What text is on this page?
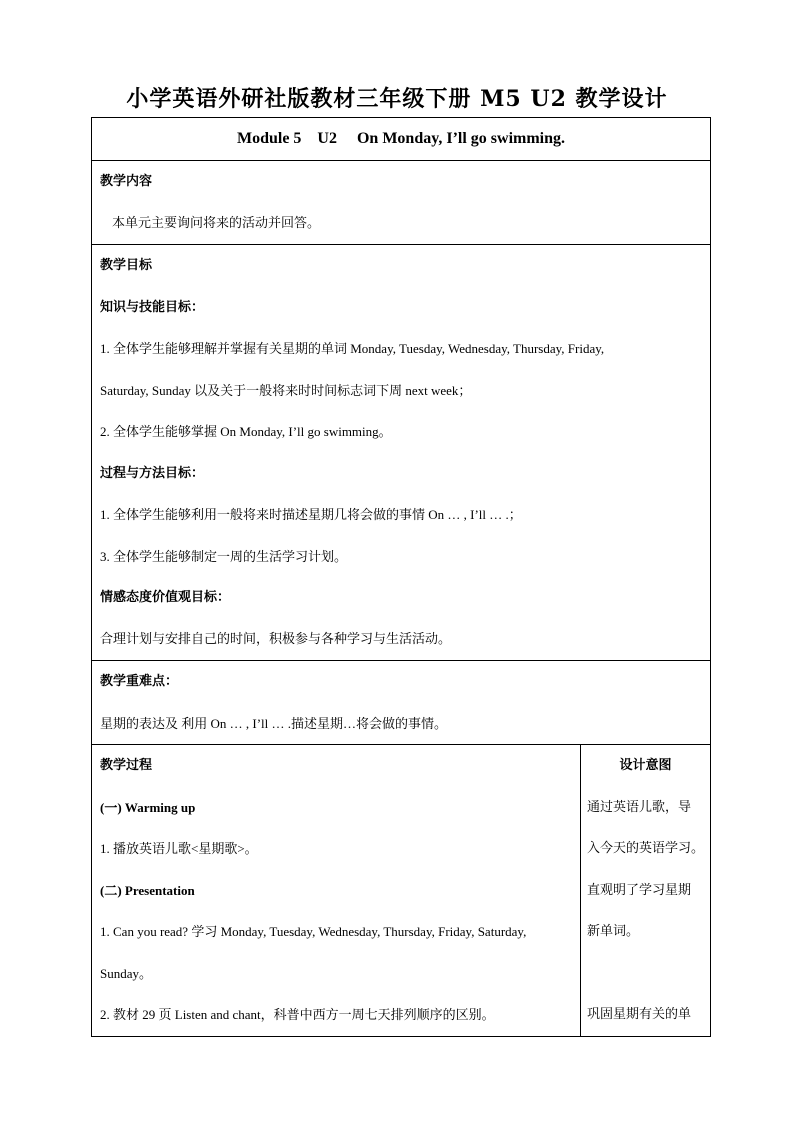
小学英语外研社版教材三年级下册 M5 U2 教学设计
Module 5    U2     On Monday, I’ll go swimming.
教学内容
本单元主要询问将来的活动并回答。
教学目标
知识与技能目标：
1. 全体学生能够理解并掌握有关星期的单词 Monday, Tuesday, Wednesday, Thursday, Friday,
Saturday, Sunday 以及关于一般将来时时间标志词下周 next week；
2. 全体学生能够掌握 On Monday, I’ll go swimming。
过程与方法目标：
1. 全体学生能够利用一般将来时描述星期几将会做的事情 On … , I’ll … .；
3. 全体学生能够制定一周的生活学习计划。
情感态度价值观目标：
合理计划与安排自己的时间，积极参与各种学习与生活活动。
教学重难点：
星期的表达及 利用 On … , I’ll … .描述星期…将会做的事情。
教学过程
(一) Warming up
1. 播放英语儿歌<星期歌>。
(二) Presentation
1. Can you read? 学习 Monday, Tuesday, Wednesday, Thursday, Friday, Saturday,
Sunday。
2. 教材 29 页 Listen and chant，科普中西方一周七天排列顺序的区别。
设计意图
通过英语儿歌，导
入今天的英语学习。
直观明了学习星期
新单词。
巩固星期有关的单
